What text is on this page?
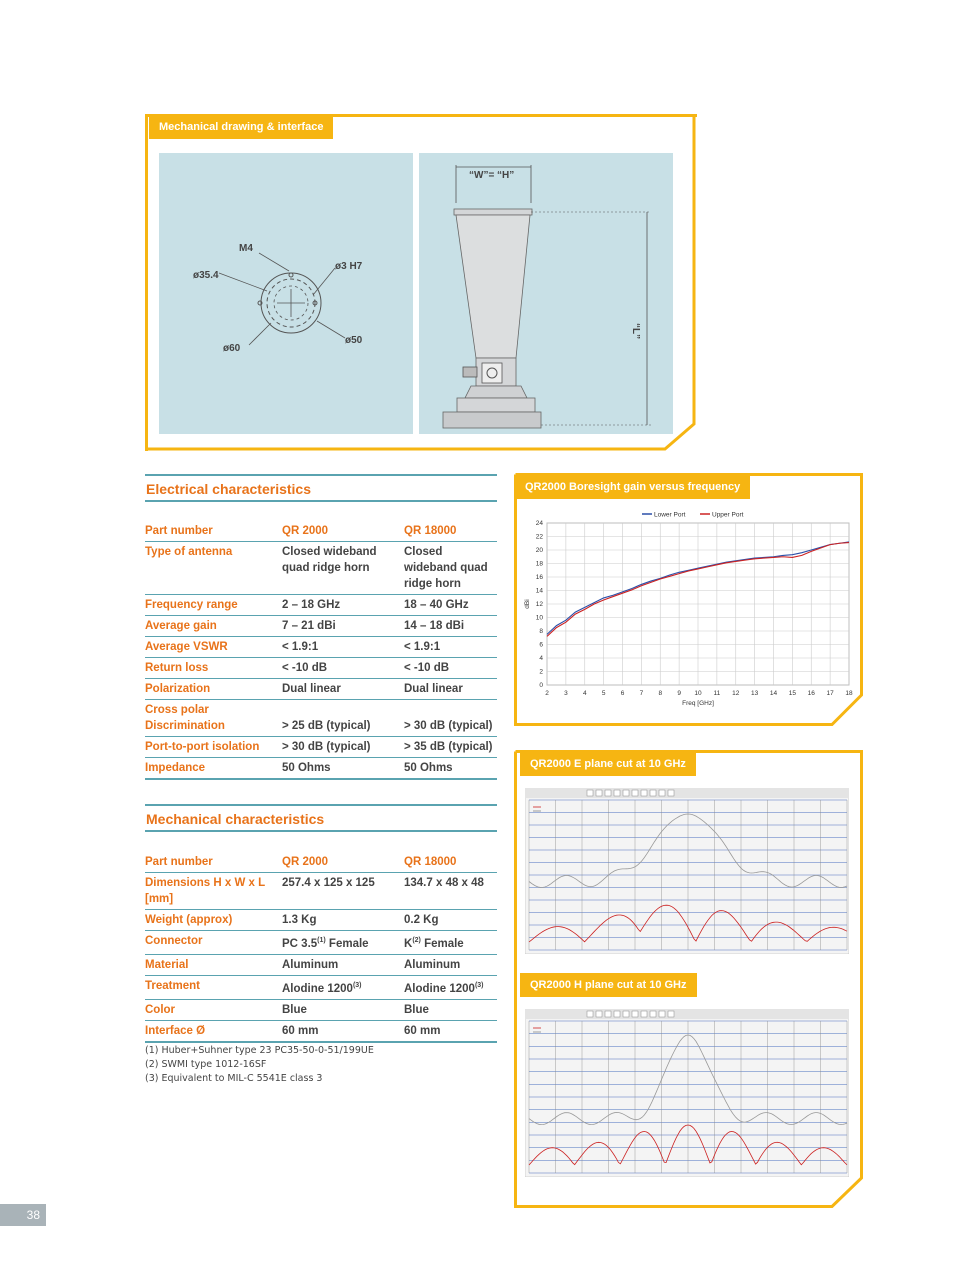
Mechanical drawing & interface
M4
ø35.4
ø3 H7
ø50
ø60
“W”= “H”
“L”
Electrical characteristics
Part number	QR 2000	QR 18000
Type of antenna	Closed wideband quad ridge horn	Closed wideband quad ridge horn
Frequency range	2 – 18 GHz	18 – 40 GHz
Average gain	7 – 21 dBi	14 – 18 dBi
Average VSWR	< 1.9:1	< 1.9:1
Return loss	< -10 dB	< -10 dB
Polarization	Dual linear	Dual linear
Cross polar Discrimination	> 25 dB (typical)	> 30 dB (typical)
Port-to-port isolation	> 30 dB (typical)	> 35 dB (typical)
Impedance	50 Ohms	50 Ohms
Mechanical characteristics
Part number	QR 2000	QR 18000
Dimensions H x W x L [mm]	257.4 x 125 x 125	134.7 x 48 x 48
Weight (approx)	1.3 Kg	0.2 Kg
Connector	PC 3.5$^{(1)}$ Female	$K^{(2)}$ Female
Material	Aluminum	Aluminum
Treatment	Alodine 1200$^{(3)}$	Alodine 1200$^{(3)}$
Color	Blue	Blue
Interface Ø	60 mm	60 mm
(1) Huber+Suhner type 23 PC35-50-0-51/199UE
(2) SWMI type 1012-16SF
(3) Equivalent to MIL-C 5541E class 3
38
QR2000 Boresight gain versus frequency
2 3 4 5 6 7 8 9 10 11 12 13 14 15 16 17 18
0
2
4
6
8
10
12
14
16
18
20
22
24
Freq [GHz]
dBi
Lower Port	Upper Port
QR2000 E plane cut at 10 GHz
QR2000 H plane cut at 10 GHz
